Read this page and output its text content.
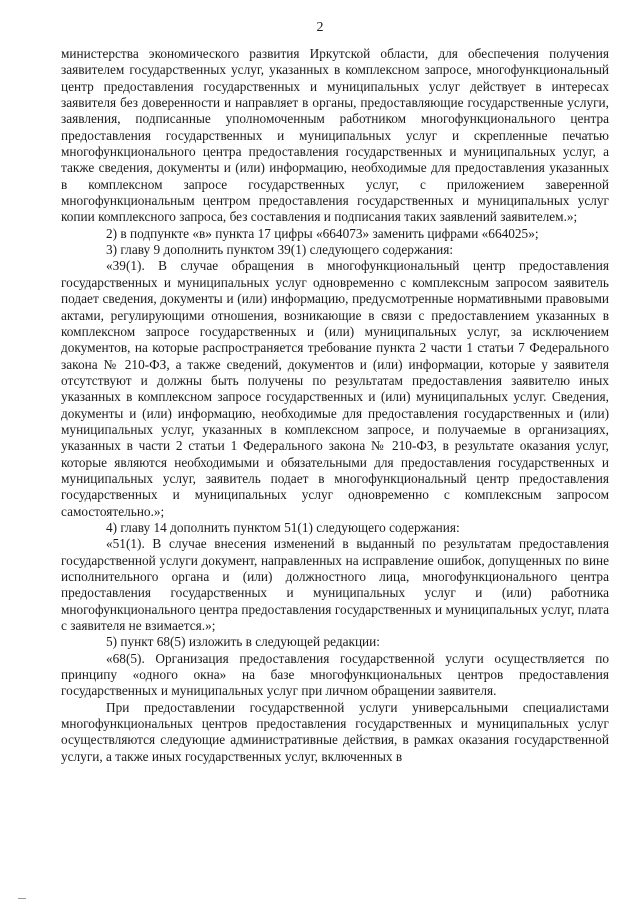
2

министерства экономического развития Иркутской области, для обеспечения получения заявителем государственных услуг, указанных в комплексном запросе, многофункциональный центр предоставления государственных и муниципальных услуг действует в интересах заявителя без доверенности и направляет в органы, предоставляющие государственные услуги, заявления, подписанные уполномоченным работником многофункционального центра предоставления государственных и муниципальных услуг и скрепленные печатью многофункционального центра предоставления государственных и муниципальных услуг, а также сведения, документы и (или) информацию, необходимые для предоставления указанных в комплексном запросе государственных услуг, с приложением заверенной многофункциональным центром предоставления государственных и муниципальных услуг копии комплексного запроса, без составления и подписания таких заявлений заявителем.»;

2) в подпункте «в» пункта 17 цифры «664073» заменить цифрами «664025»;

3) главу 9 дополнить пунктом 39(1) следующего содержания:

«39(1). В случае обращения в многофункциональный центр предоставления государственных и муниципальных услуг одновременно с комплексным запросом заявитель подает сведения, документы и (или) информацию, предусмотренные нормативными правовыми актами, регулирующими отношения, возникающие в связи с предоставлением указанных в комплексном запросе государственных и (или) муниципальных услуг, за исключением документов, на которые распространяется требование пункта 2 части 1 статьи 7 Федерального закона № 210-ФЗ, а также сведений, документов и (или) информации, которые у заявителя отсутствуют и должны быть получены по результатам предоставления заявителю иных указанных в комплексном запросе государственных и (или) муниципальных услуг. Сведения, документы и (или) информацию, необходимые для предоставления государственных и (или) муниципальных услуг, указанных в комплексном запросе, и получаемые в организациях, указанных в части 2 статьи 1 Федерального закона № 210-ФЗ, в результате оказания услуг, которые являются необходимыми и обязательными для предоставления государственных и муниципальных услуг, заявитель подает в многофункциональный центр предоставления государственных и муниципальных услуг одновременно с комплексным запросом самостоятельно.»;

4) главу 14 дополнить пунктом 51(1) следующего содержания:

«51(1). В случае внесения изменений в выданный по результатам предоставления государственной услуги документ, направленных на исправление ошибок, допущенных по вине исполнительного органа и (или) должностного лица, многофункционального центра предоставления государственных и муниципальных услуг и (или) работника многофункционального центра предоставления государственных и муниципальных услуг, плата с заявителя не взимается.»;

5) пункт 68(5) изложить в следующей редакции:

«68(5). Организация предоставления государственной услуги осуществляется по принципу «одного окна» на базе многофункциональных центров предоставления государственных и муниципальных услуг при личном обращении заявителя.

При предоставлении государственной услуги универсальными специалистами многофункциональных центров предоставления государственных и муниципальных услуг осуществляются следующие административные действия, в рамках оказания государственной услуги, а также иных государственных услуг, включенных в
